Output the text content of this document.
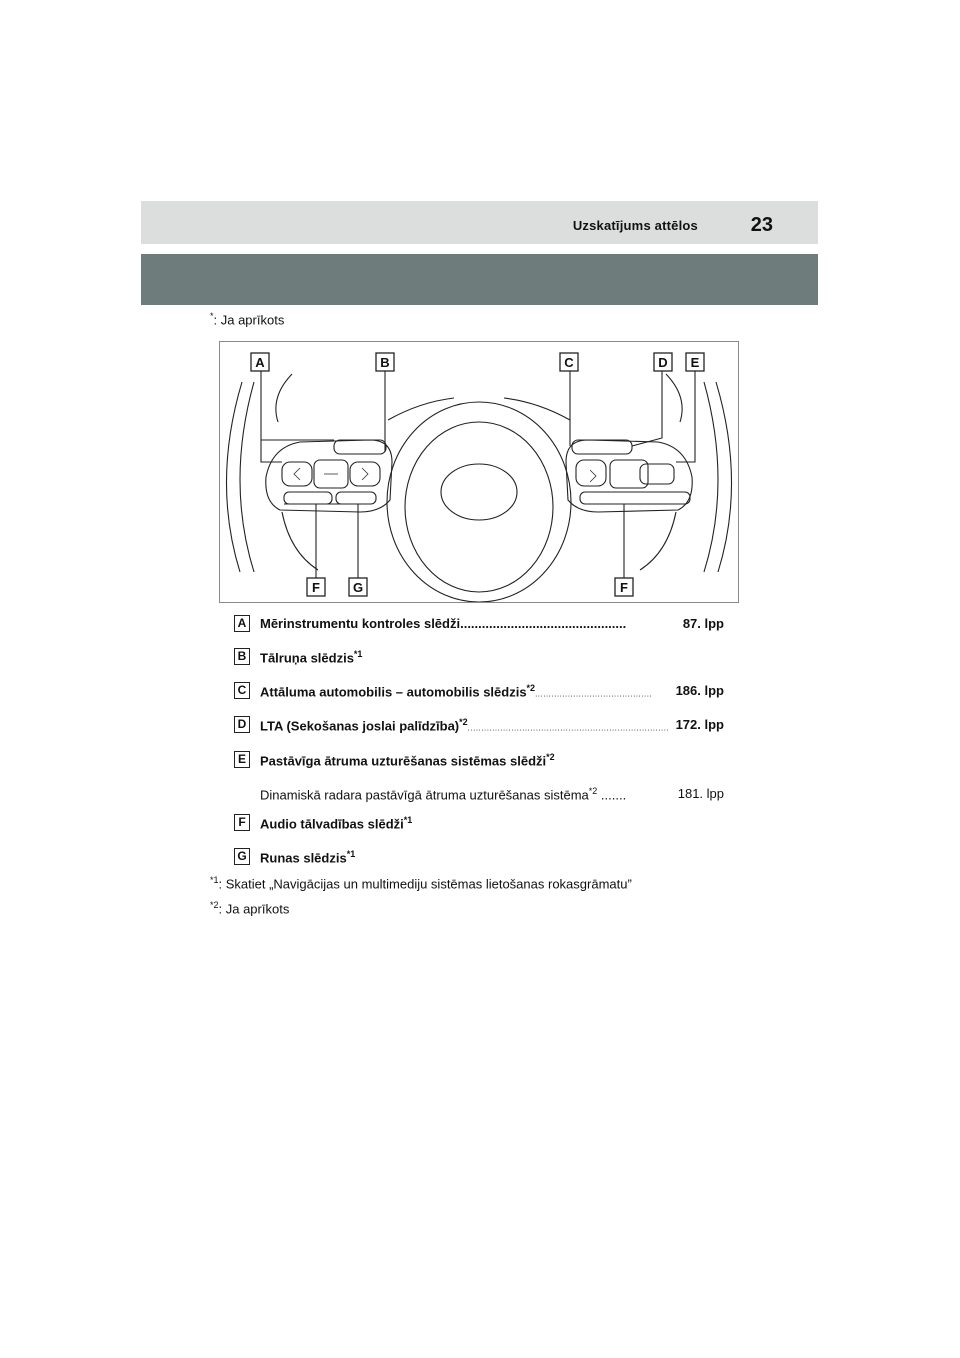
Uzskatījums attēlos	23
*: Ja aprīkots
A	B	C	D E
F	G	F
A Mērinstrumentu kontroles slēdži..............................................	87. lpp
B Tālruņa slēdzis$^{*1}$
C Attāluma automobilis – automobilis slēdzis$^{*2}$........................................... 186. lpp
D LTA (Sekošanas joslai palīdzība)$^{*2}$.......................................................................... 172. lpp
E	Pastāvīga ātruma uzturēšanas sistēmas slēdži$^{*2}$
Dinamiskā radara pastāvīgā ātruma uzturēšanas sistēma$^{*2}$ .......	181. lpp
F	Audio tālvadības slēdži$^{*1}$
G Runas slēdzis$^{*1}$
$^{*1}$: Skatiet „Navigācijas un multimediju sistēmas lietošanas rokasgrāmatu”
$^{*2}$: Ja aprīkots
